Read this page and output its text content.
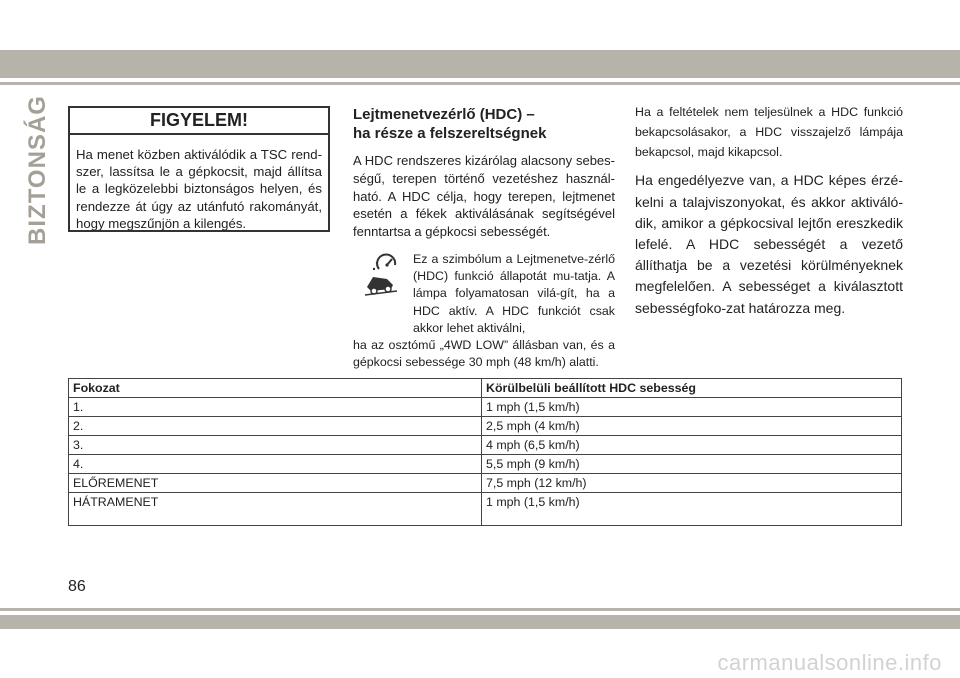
BIZTONSÁG	FIGYELEM!
Ha menet közben aktiválódik a TSC rend-szer, lassítsa le a gépkocsit, majd állítsa le a legközelebbi biztonságos helyen, és rendezze át úgy az utánfutó rakományát, hogy megszűnjön a kilengés.
Lejtmenetvezérlő (HDC) –
ha része a felszereltségnek

A HDC rendszeres kizárólag alacsony sebes-ségű, terepen történő vezetéshez használ-ható. A HDC célja, hogy terepen, lejtmenet esetén a fékek aktiválásának segítségével fenntartsa a gépkocsi sebességét.

Ez a szimbólum a Lejtmenetve-zérlő (HDC) funkció állapotát mu-tatja. A lámpa folyamatosan vilá-gít, ha a HDC aktív. A HDC funkciót csak akkor lehet aktiválni,

ha az osztómű „4WD LOW” állásban van, és a gépkocsi sebessége 30 mph (48 km/h) alatti.

Ha a feltételek nem teljesülnek a HDC funkció bekapcsolásakor, a HDC visszajelző lámpája bekapcsol, majd kikapcsol.

Ha engedélyezve van, a HDC képes érzé-kelni a talajviszonyokat, és akkor aktiváló-dik, amikor a gépkocsival lejtőn ereszkedik lefelé. A HDC sebességét a vezető állíthatja be a vezetési körülményeknek megfelelően. A sebességet a kiválasztott sebességfoko-zat határozza meg.

Fokozat	Körülbelüli beállított HDC sebesség
1.	1 mph (1,5 km/h)
2.	2,5 mph (4 km/h)
3.	4 mph (6,5 km/h)
4.	5,5 mph (9 km/h)
ELŐREMENET	7,5 mph (12 km/h)
HÁTRAMENET	1 mph (1,5 km/h)
86
carmanualsonline.info
